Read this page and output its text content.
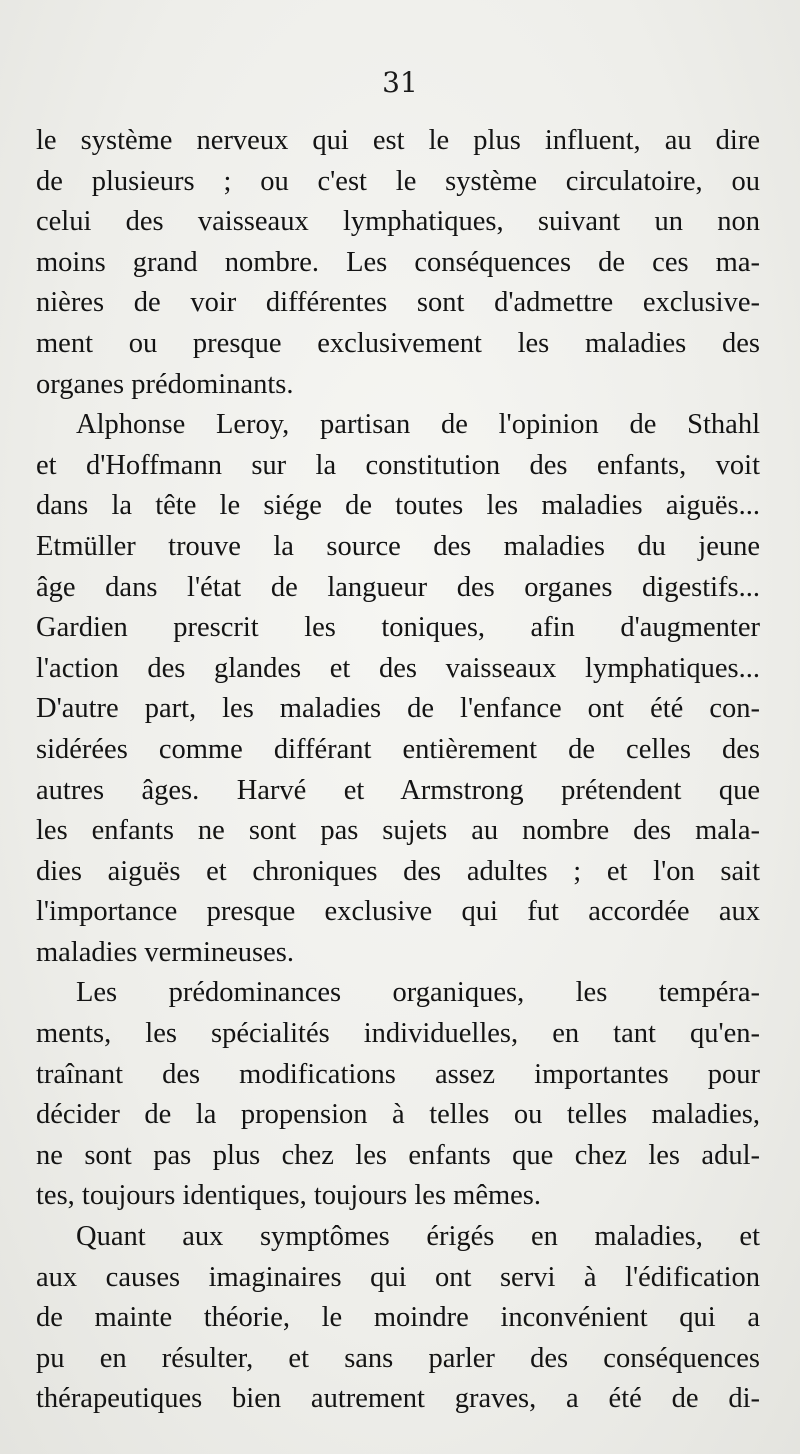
31
le système nerveux qui est le plus influent, au dire
de plusieurs ; ou c'est le système circulatoire, ou
celui des vaisseaux lymphatiques, suivant un non
moins grand nombre. Les conséquences de ces ma-
nières de voir différentes sont d'admettre exclusive-
ment ou presque exclusivement les maladies des
organes prédominants.
Alphonse Leroy, partisan de l'opinion de Sthahl
et d'Hoffmann sur la constitution des enfants, voit
dans la tête le siége de toutes les maladies aiguës...
Etmüller trouve la source des maladies du jeune
âge dans l'état de langueur des organes digestifs...
Gardien prescrit les toniques, afin d'augmenter
l'action des glandes et des vaisseaux lymphatiques...
D'autre part, les maladies de l'enfance ont été con-
sidérées comme différant entièrement de celles des
autres âges. Harvé et Armstrong prétendent que
les enfants ne sont pas sujets au nombre des mala-
dies aiguës et chroniques des adultes ; et l'on sait
l'importance presque exclusive qui fut accordée aux
maladies vermineuses.
Les prédominances organiques, les tempéra-
ments, les spécialités individuelles, en tant qu'en-
traînant des modifications assez importantes pour
décider de la propension à telles ou telles maladies,
ne sont pas plus chez les enfants que chez les adul-
tes, toujours identiques, toujours les mêmes.
Quant aux symptômes érigés en maladies, et
aux causes imaginaires qui ont servi à l'édification
de mainte théorie, le moindre inconvénient qui a
pu en résulter, et sans parler des conséquences
thérapeutiques bien autrement graves, a été de di-
